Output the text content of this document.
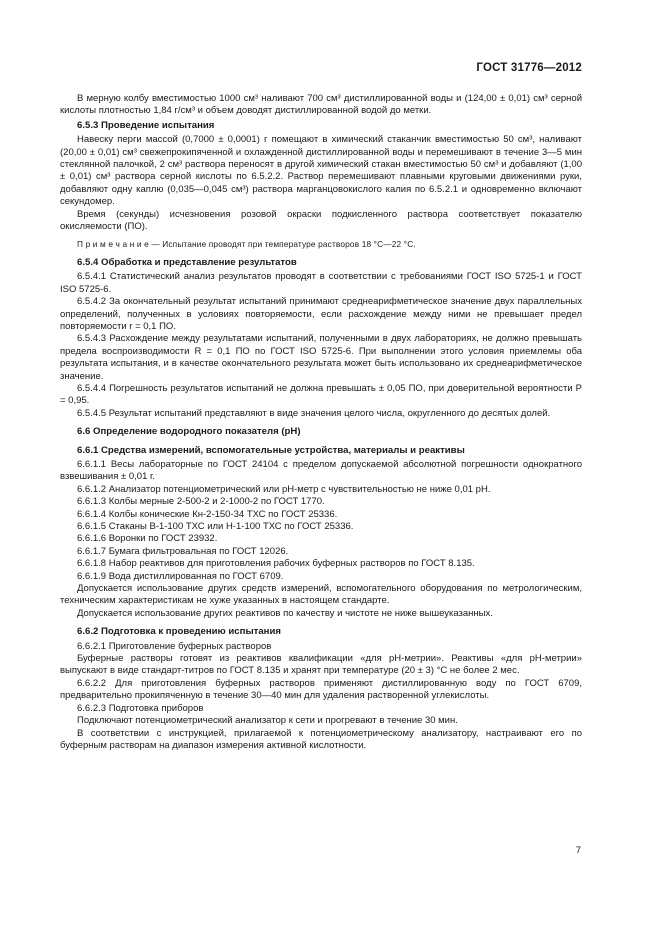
ГОСТ 31776—2012

В мерную колбу вместимостью 1000 см³ наливают 700 см³ дистиллированной воды и (124,00 ± 0,01) см³ серной кислоты плотностью 1,84 г/см³ и объем доводят дистиллированной водой до метки.

6.5.3 Проведение испытания

Навеску перги массой (0,7000 ± 0,0001) г помещают в химический стаканчик вместимостью 50 см³, наливают (20,00 ± 0,01) см³ свежепрокипяченной и охлажденной дистиллированной воды и перемешивают в течение 3—5 мин стеклянной палочкой, 2 см³ раствора переносят в другой химический стакан вместимостью 50 см³ и добавляют (1,00 ± 0,01) см³ раствора серной кислоты по 6.5.2.2. Раствор перемешивают плавными круговыми движениями руки, добавляют одну каплю (0,035—0,045 см³) раствора марганцовокислого калия по 6.5.2.1 и одновременно включают секундомер.

Время (секунды) исчезновения розовой окраски подкисленного раствора соответствует показателю окисляемости (ПО).

П р и м е ч а н и е — Испытание проводят при температуре растворов 18 °С—22 °С.

6.5.4 Обработка и представление результатов

6.5.4.1 Статистический анализ результатов проводят в соответствии с требованиями ГОСТ ISO 5725-1 и ГОСТ ISO 5725-6.

6.5.4.2 За окончательный результат испытаний принимают среднеарифметическое значение двух параллельных определений, полученных в условиях повторяемости, если расхождение между ними не превышает предел повторяемости r = 0,1 ПО.

6.5.4.3 Расхождение между результатами испытаний, полученными в двух лабораториях, не должно превышать предела воспроизводимости R = 0,1 ПО по ГОСТ ISO 5725-6. При выполнении этого условия приемлемы оба результата испытания, и в качестве окончательного результата может быть использовано их среднеарифметическое значение.

6.5.4.4 Погрешность результатов испытаний не должна превышать ± 0,05 ПО, при доверительной вероятности Р = 0,95.

6.5.4.5 Результат испытаний представляют в виде значения целого числа, округленного до десятых долей.

6.6 Определение водородного показателя (рН)

6.6.1 Средства измерений, вспомогательные устройства, материалы и реактивы

6.6.1.1 Весы лабораторные по ГОСТ 24104 с пределом допускаемой абсолютной погрешности однократного взвешивания ± 0,01 г.

6.6.1.2 Анализатор потенциометрический или pH-метр с чувствительностью не ниже 0,01 pH.

6.6.1.3 Колбы мерные 2-500-2 и 2-1000-2 по ГОСТ 1770.

6.6.1.4 Колбы конические Кн-2-150-34 ТХС по ГОСТ 25336.

6.6.1.5 Стаканы В-1-100 ТХС или Н-1-100 ТХС по ГОСТ 25336.

6.6.1.6 Воронки по ГОСТ 23932.

6.6.1.7 Бумага фильтровальная по ГОСТ 12026.

6.6.1.8 Набор реактивов для приготовления рабочих буферных растворов по ГОСТ 8.135.

6.6.1.9 Вода дистиллированная по ГОСТ 6709.

Допускается использование других средств измерений, вспомогательного оборудования по метрологическим, техническим характеристикам не хуже указанных в настоящем стандарте.

Допускается использование других реактивов по качеству и чистоте не ниже вышеуказанных.

6.6.2 Подготовка к проведению испытания

6.6.2.1 Приготовление буферных растворов

Буферные растворы готовят из реактивов квалификации «для рН-метрии». Реактивы «для рН-метрии» выпускают в виде стандарт-титров по ГОСТ 8.135 и хранят при температуре (20 ± 3) °С не более 2 мес.

6.6.2.2 Для приготовления буферных растворов применяют дистиллированную воду по ГОСТ 6709, предварительно прокипяченную в течение 30—40 мин для удаления растворенной углекислоты.

6.6.2.3 Подготовка приборов

Подключают потенциометрический анализатор к сети и прогревают в течение 30 мин.

В соответствии с инструкцией, прилагаемой к потенциометрическому анализатору, настраивают его по буферным растворам на диапазон измерения активной кислотности.

7
